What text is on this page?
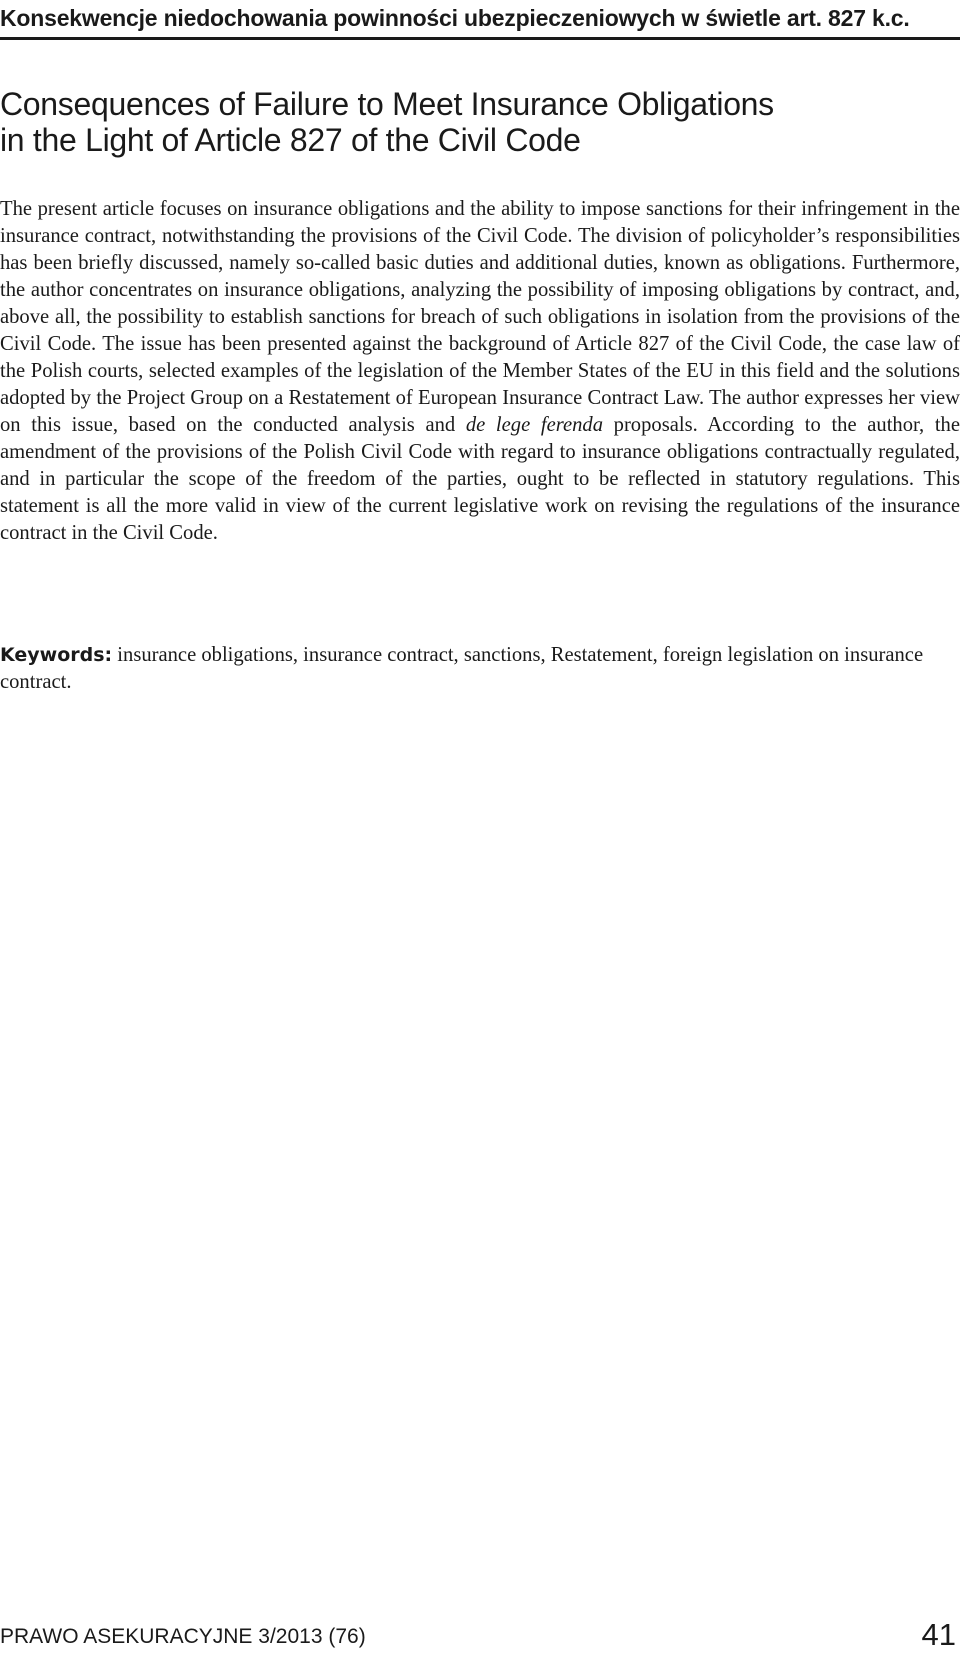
Konsekwencje niedochowania powinności ubezpieczeniowych w świetle art. 827 k.c.
Consequences of Failure to Meet Insurance Obligations
in the Light of Article 827 of the Civil Code

The present article focuses on insurance obligations and the ability to impose sanctions for their infringement in the insurance contract, notwithstanding the provisions of the Civil Code. The division of policyholder’s responsibilities has been briefly discussed, namely so-called basic duties and additional duties, known as obligations. Furthermore, the author concentrates on insurance obligations, analyzing the possibility of imposing obligations by contract, and, above all, the possibility to establish sanctions for breach of such obligations in isolation from the provisions of the Civil Code. The issue has been presented against the background of Article 827 of the Civil Code, the case law of the Polish courts, selected examples of the legislation of the Member States of the EU in this field and the solutions adopted by the Project Group on a Restatement of European Insurance Contract Law. The author expresses her view on this issue, based on the conducted analysis and de lege ferenda proposals. According to the author, the amendment of the provisions of the Polish Civil Code with regard to insurance obligations contractually regulated, and in particular the scope of the freedom of the parties, ought to be reflected in statutory regulations. This statement is all the more valid in view of the current legislative work on revising the regulations of the insurance contract in the Civil Code.

Keywords: insurance obligations, insurance contract, sanctions, Restatement, foreign legislation on insurance contract.

PRAWO ASEKURACYJNE 3/2013 (76)	41
